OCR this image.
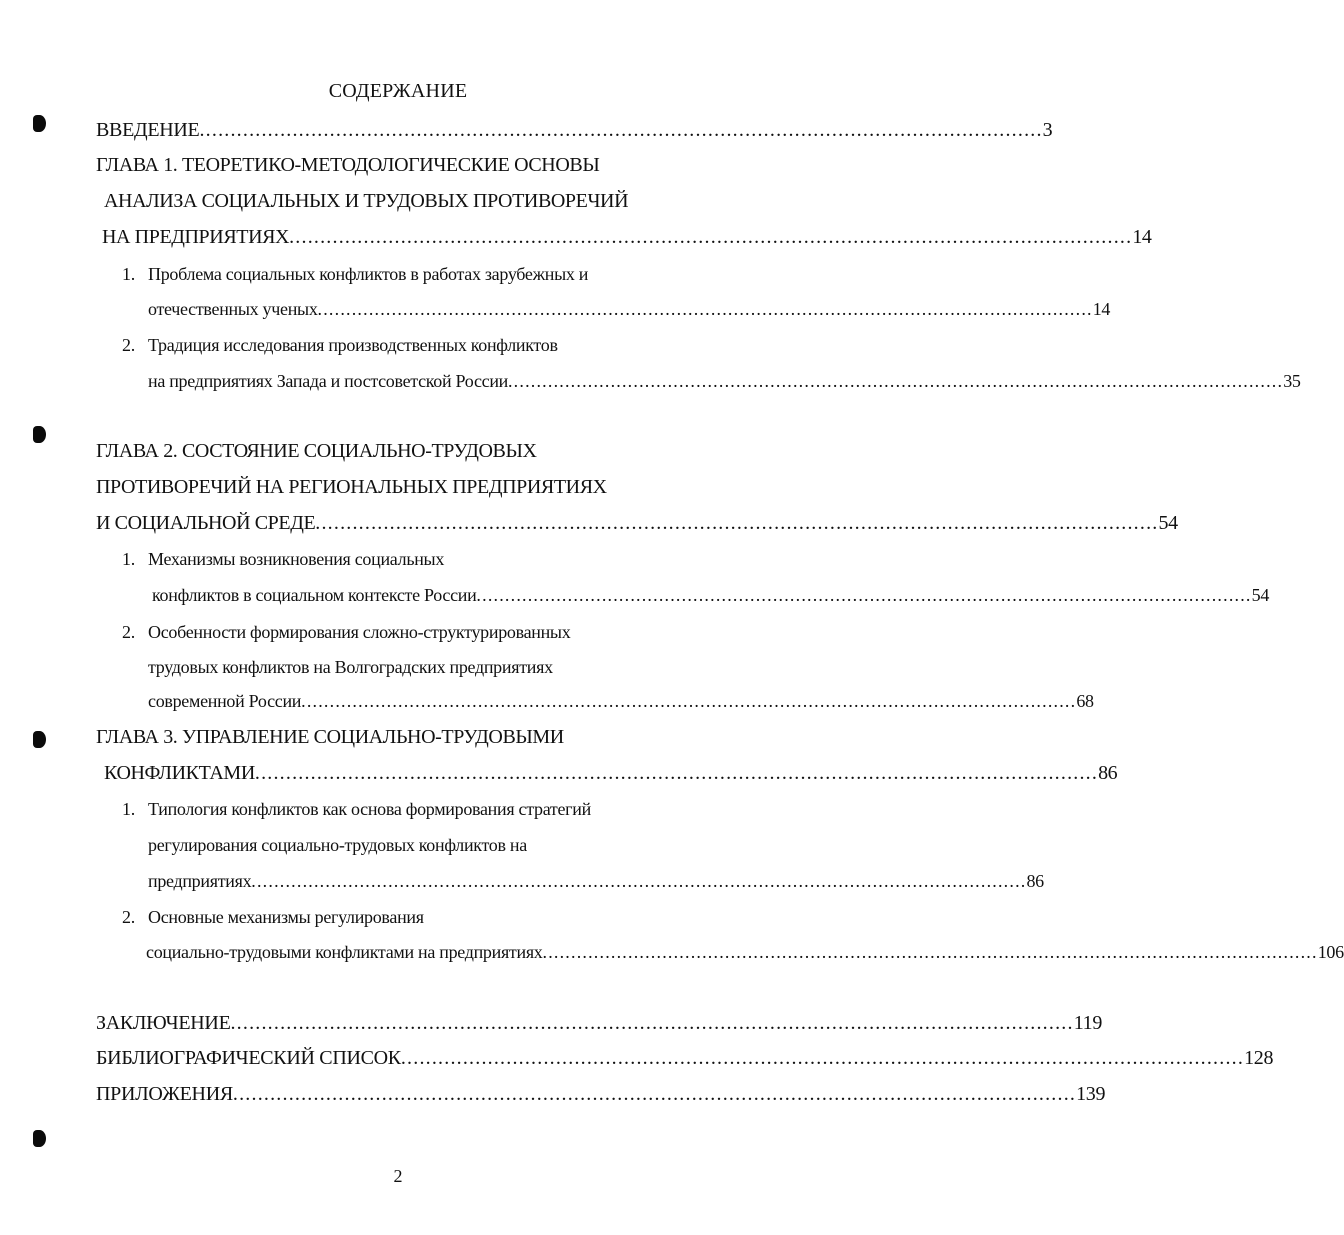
СОДЕРЖАНИЕ
ВВЕДЕНИЕ ........................................................................................................................................ 3
ГЛАВА 1. ТЕОРЕТИКО-МЕТОДОЛОГИЧЕСКИЕ ОСНОВЫ
АНАЛИЗА СОЦИАЛЬНЫХ И ТРУДОВЫХ ПРОТИВОРЕЧИЙ
НА ПРЕДПРИЯТИЯХ ........................................................................................................................................ 14
1. Проблема социальных конфликтов в работах зарубежных и
отечественных ученых ........................................................................................................................................ 14
2. Традиция исследования производственных конфликтов
на предприятиях Запада и постсоветской России ........................................................................................................................................ 35
ГЛАВА 2. СОСТОЯНИЕ СОЦИАЛЬНО-ТРУДОВЫХ
ПРОТИВОРЕЧИЙ НА РЕГИОНАЛЬНЫХ ПРЕДПРИЯТИЯХ
И СОЦИАЛЬНОЙ СРЕДЕ ........................................................................................................................................ 54
1. Механизмы возникновения социальных
конфликтов в социальном контексте России ........................................................................................................................................ 54
2. Особенности формирования сложно-структурированных
трудовых конфликтов на Волгоградских предприятиях
современной России ........................................................................................................................................ 68
ГЛАВА 3. УПРАВЛЕНИЕ СОЦИАЛЬНО-ТРУДОВЫМИ
КОНФЛИКТАМИ ........................................................................................................................................ 86
1. Типология конфликтов как основа формирования стратегий
регулирования социально-трудовых конфликтов на
предприятиях ........................................................................................................................................ 86
2. Основные механизмы регулирования
социально-трудовыми конфликтами на предприятиях ........................................................................................................................................ 106
ЗАКЛЮЧЕНИЕ ........................................................................................................................................ 119
БИБЛИОГРАФИЧЕСКИЙ СПИСОК ........................................................................................................................................ 128
ПРИЛОЖЕНИЯ ........................................................................................................................................ 139
2
